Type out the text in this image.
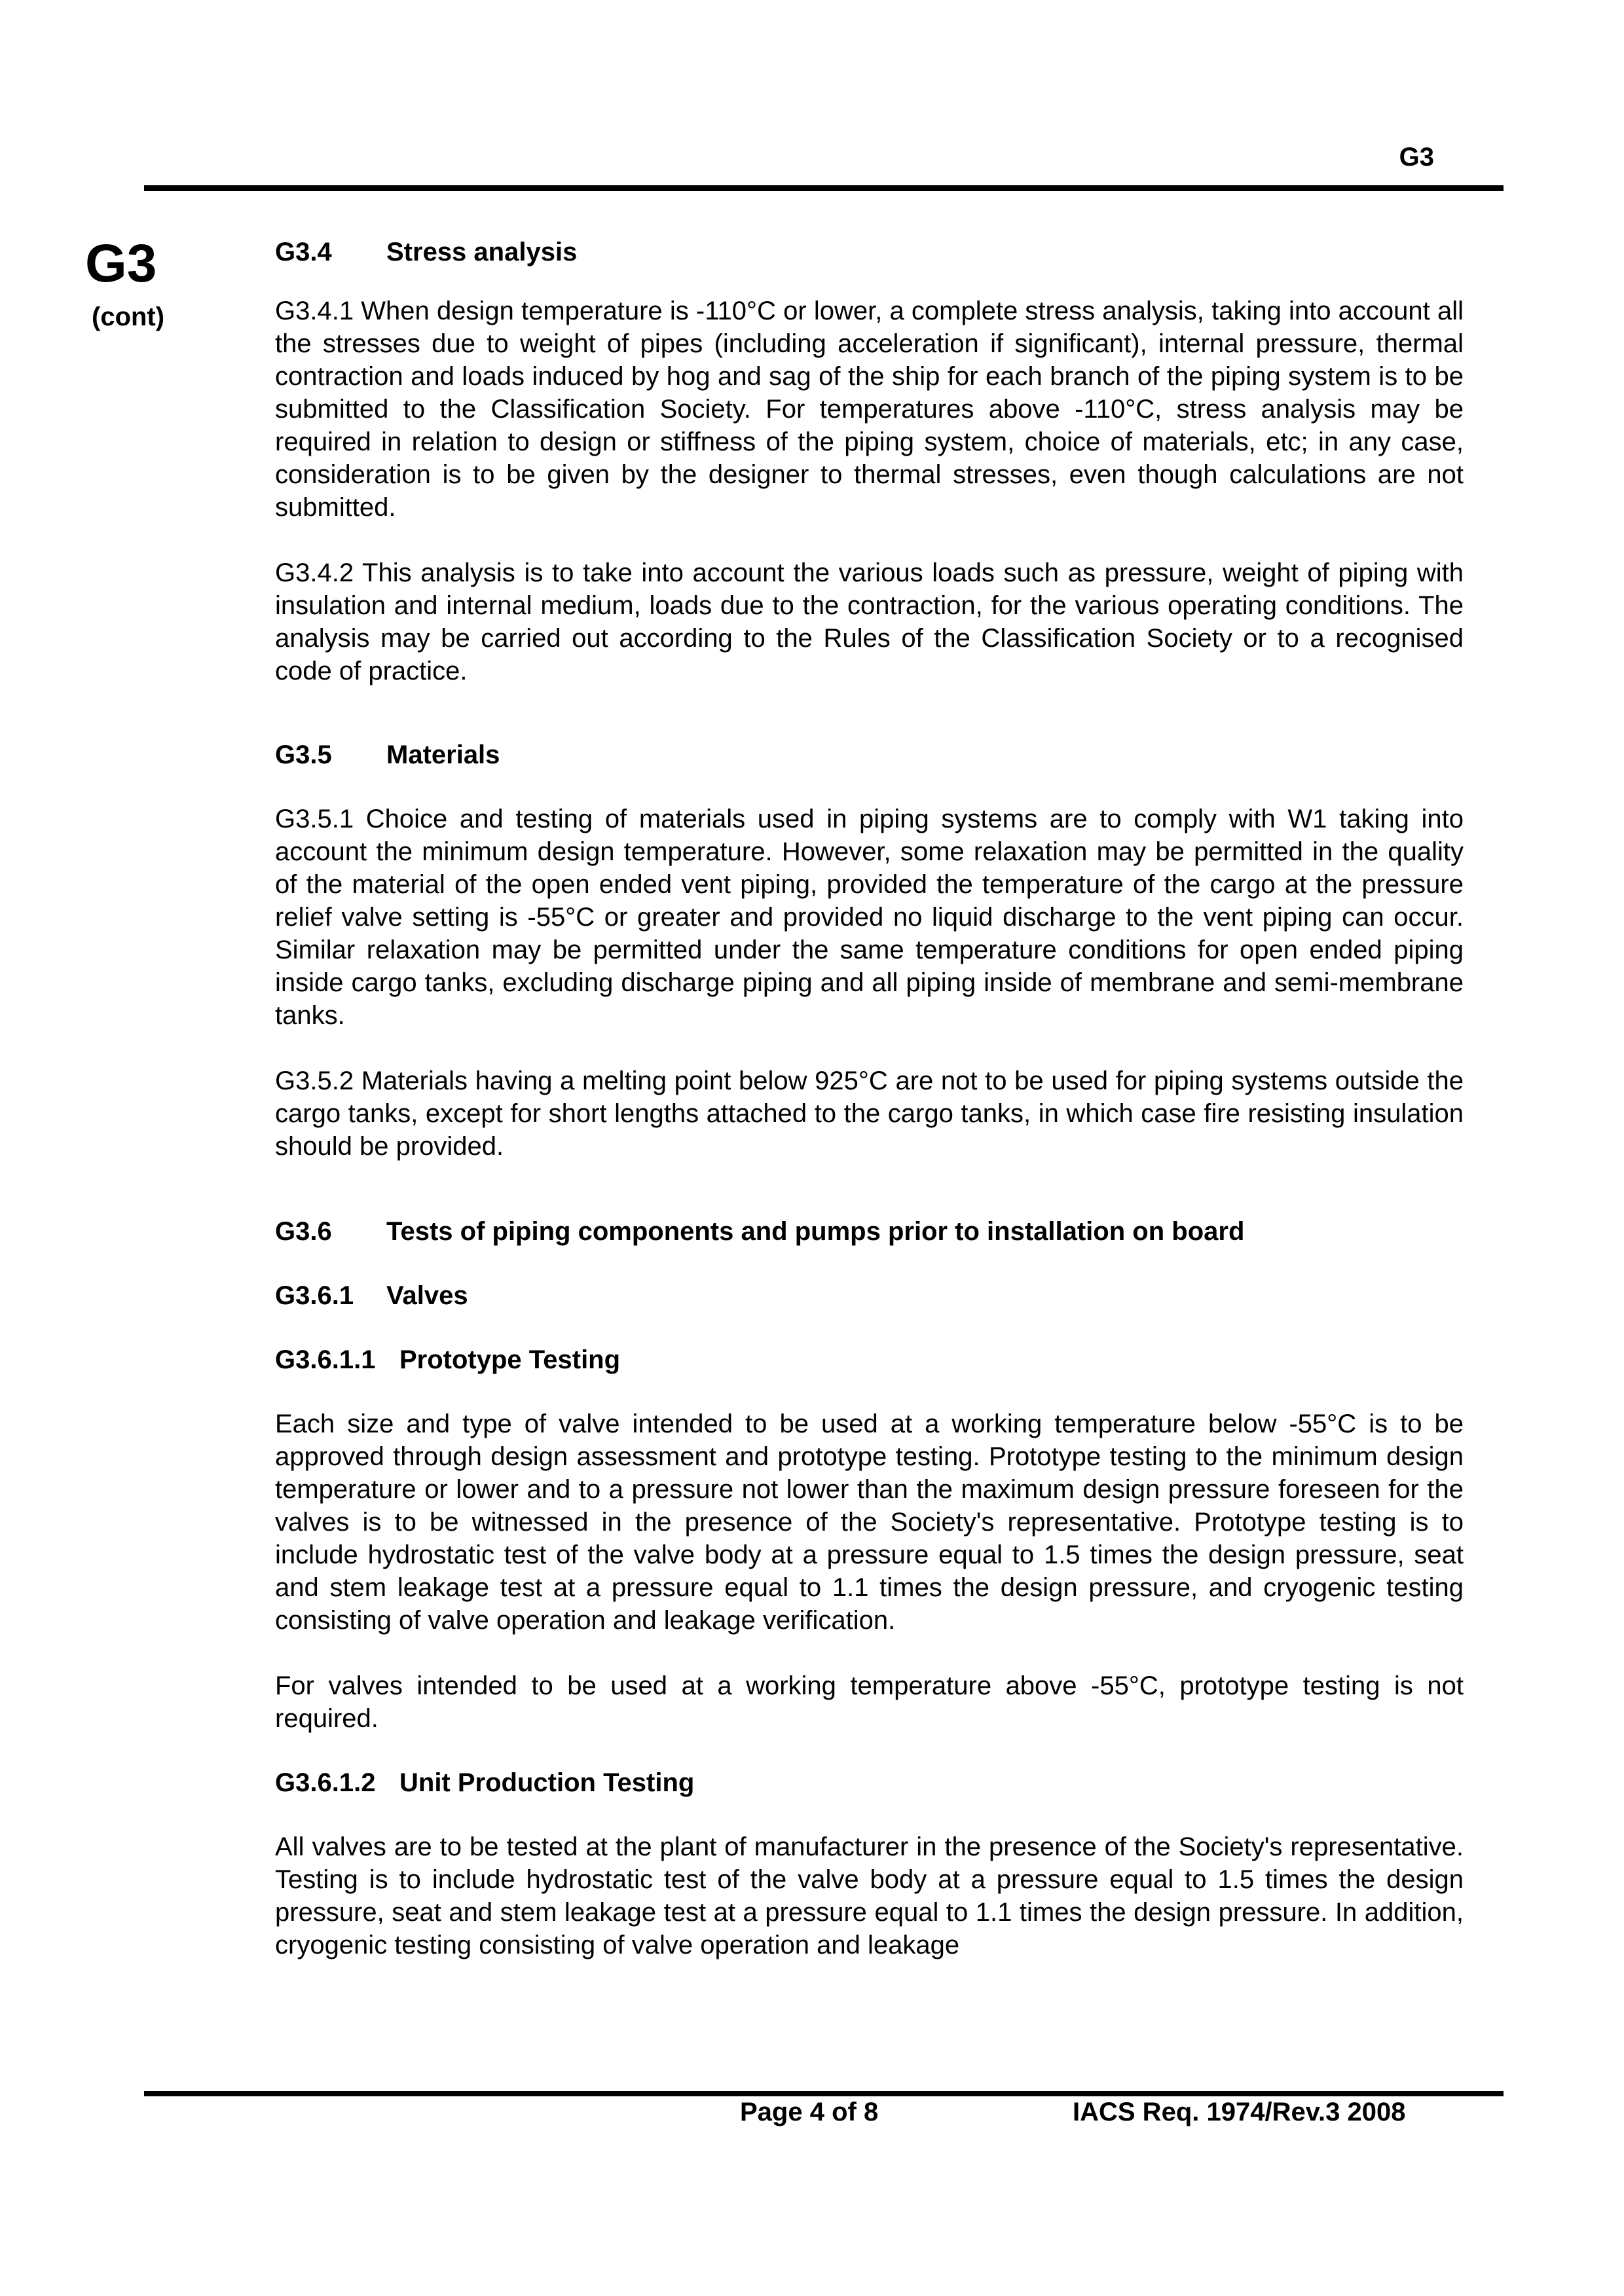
G3
G3
(cont)
G3.4	Stress analysis

G3.4.1 When design temperature is -110°C or lower, a complete stress analysis, taking into account all the stresses due to weight of pipes (including acceleration if significant), internal pressure, thermal contraction and loads induced by hog and sag of the ship for each branch of the piping system is to be submitted to the Classification Society. For temperatures above -110°C, stress analysis may be required in relation to design or stiffness of the piping system, choice of materials, etc; in any case, consideration is to be given by the designer to thermal stresses, even though calculations are not submitted.

G3.4.2 This analysis is to take into account the various loads such as pressure, weight of piping with insulation and internal medium, loads due to the contraction, for the various operating conditions. The analysis may be carried out according to the Rules of the Classification Society or to a recognised code of practice.

G3.5	Materials

G3.5.1 Choice and testing of materials used in piping systems are to comply with W1 taking into account the minimum design temperature. However, some relaxation may be permitted in the quality of the material of the open ended vent piping, provided the temperature of the cargo at the pressure relief valve setting is -55°C or greater and provided no liquid discharge to the vent piping can occur. Similar relaxation may be permitted under the same temperature conditions for open ended piping inside cargo tanks, excluding discharge piping and all piping inside of membrane and semi-membrane tanks.

G3.5.2 Materials having a melting point below 925°C are not to be used for piping systems outside the cargo tanks, except for short lengths attached to the cargo tanks, in which case fire resisting insulation should be provided.

G3.6	Tests of piping components and pumps prior to installation on board
G3.6.1	Valves
G3.6.1.1 Prototype Testing

Each size and type of valve intended to be used at a working temperature below -55°C is to be approved through design assessment and prototype testing. Prototype testing to the minimum design temperature or lower and to a pressure not lower than the maximum design pressure foreseen for the valves is to be witnessed in the presence of the Society's representative. Prototype testing is to include hydrostatic test of the valve body at a pressure equal to 1.5 times the design pressure, seat and stem leakage test at a pressure equal to 1.1 times the design pressure, and cryogenic testing consisting of valve operation and leakage verification.

For valves intended to be used at a working temperature above -55°C, prototype testing is not required.

G3.6.1.2 Unit Production Testing

All valves are to be tested at the plant of manufacturer in the presence of the Society's representative. Testing is to include hydrostatic test of the valve body at a pressure equal to 1.5 times the design pressure, seat and stem leakage test at a pressure equal to 1.1 times the design pressure. In addition, cryogenic testing consisting of valve operation and leakage

Page 4 of 8	IACS Req. 1974/Rev.3 2008
